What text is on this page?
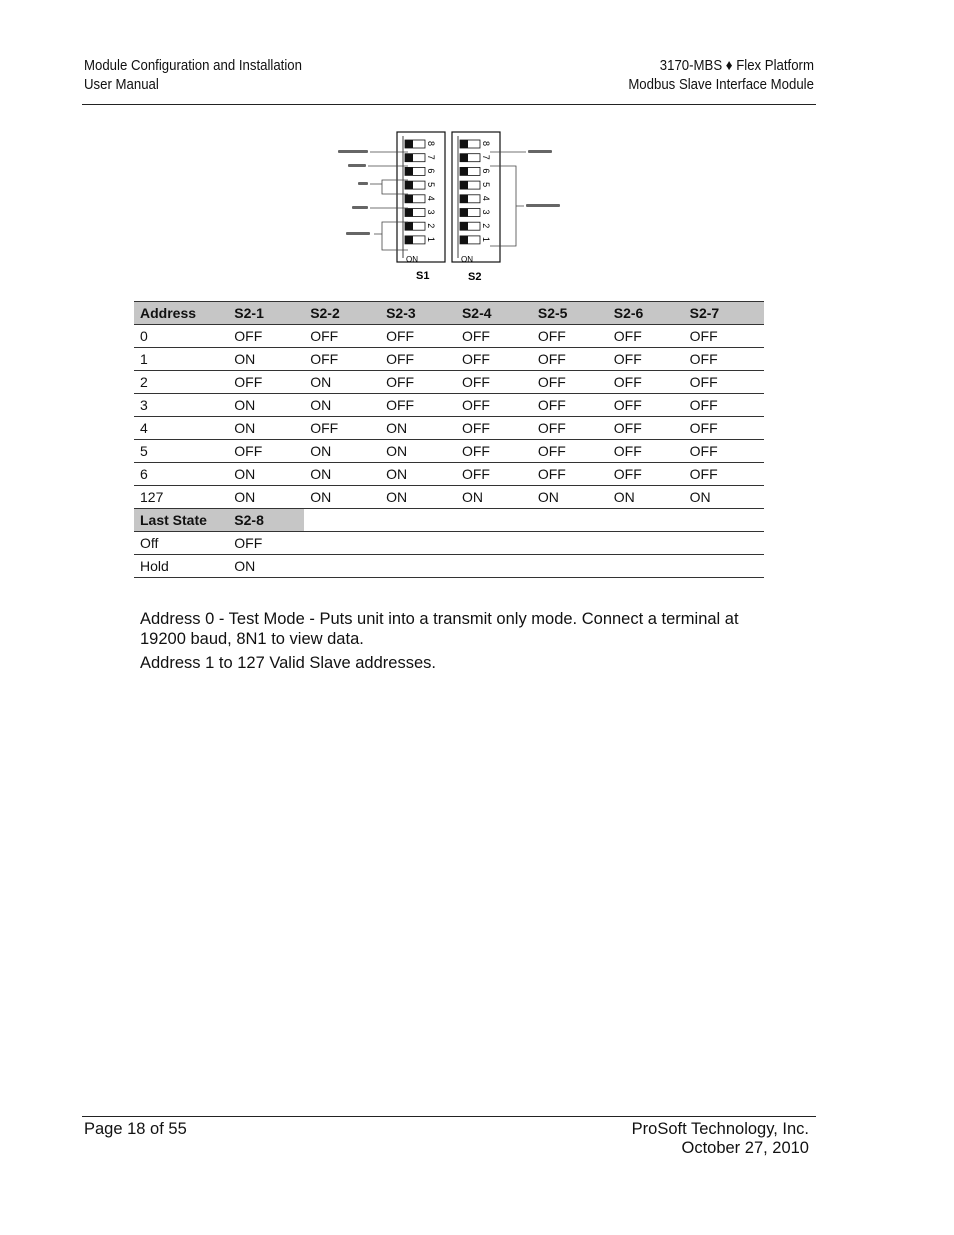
Module Configuration and Installation
User Manual
3170-MBS ♦ Flex Platform
Modbus Slave Interface Module
8
7
6
5
4
3
2
1
ON
8
7
6
5
4
3
2
1
ON
S1	S2
Address	S2-1	S2-2	S2-3	S2-4	S2-5	S2-6	S2-7
0	OFF	OFF	OFF	OFF	OFF	OFF	OFF
1	ON	OFF	OFF	OFF	OFF	OFF	OFF
2	OFF	ON	OFF	OFF	OFF	OFF	OFF
3	ON	ON	OFF	OFF	OFF	OFF	OFF
4	ON	OFF	ON	OFF	OFF	OFF	OFF
5	OFF	ON	ON	OFF	OFF	OFF	OFF
6	ON	ON	ON	OFF	OFF	OFF	OFF
127	ON	ON	ON	ON	ON	ON	ON
Last State	S2-8						
Off	OFF						
Hold	ON						
Address 0 - Test Mode - Puts unit into a transmit only mode. Connect a terminal at 19200 baud, 8N1 to view data.
Address 1 to 127 Valid Slave addresses.
Page 18 of 55	ProSoft Technology, Inc.
October 27, 2010
